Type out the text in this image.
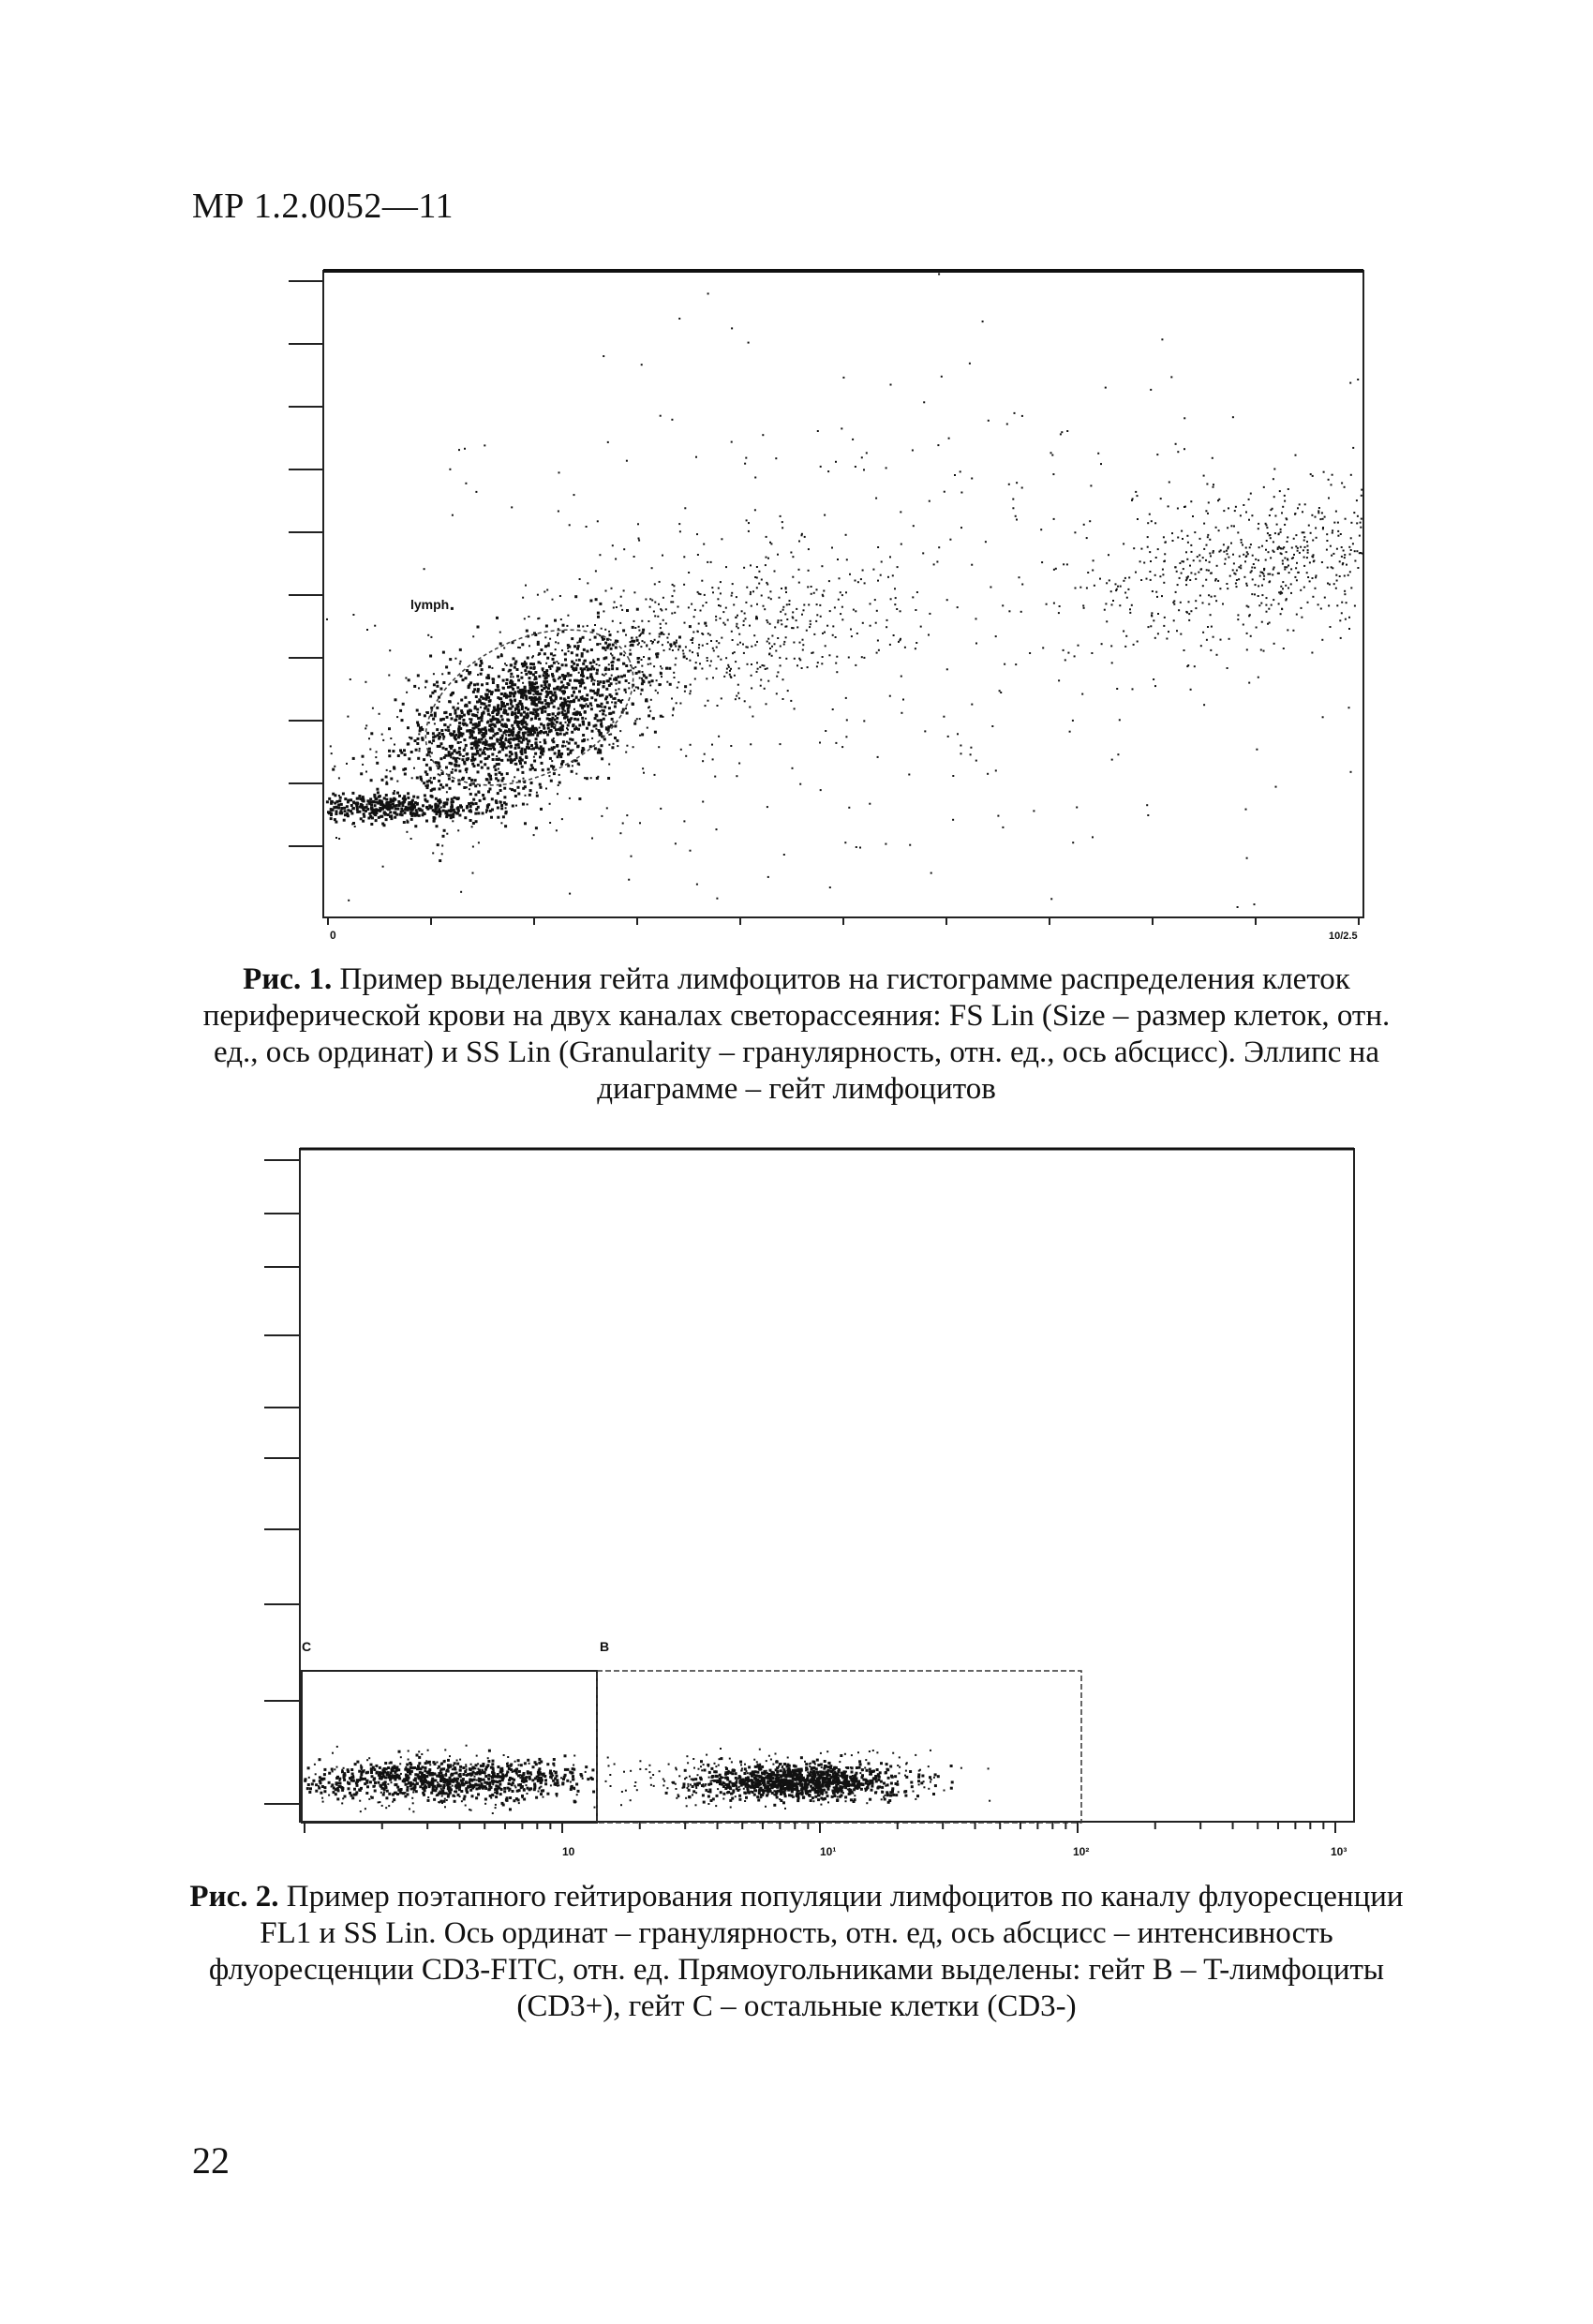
МР 1.2.0052—11
lymph
0	10/2.5
Рис. 1. Пример выделения гейта лимфоцитов на гистограмме распределения клеток периферической крови на двух каналах светорассеяния: FS Lin (Size – размер клеток, отн. ед., ось ординат) и SS Lin (Granularity – гранулярность, отн. ед., ось абсцисс). Эллипс на диаграмме – гейт лимфоцитов
C	B
10	10¹	10²	10³
Рис. 2. Пример поэтапного гейтирования популяции лимфоцитов по каналу флуоресценции FL1 и SS Lin. Ось ординат – гранулярность, отн. ед, ось абсцисс – интенсивность флуоресценции CD3-FITC, отн. ед. Прямоугольниками выделены: гейт B – T-лимфоциты (CD3+), гейт C – остальные клетки (CD3-)
22
